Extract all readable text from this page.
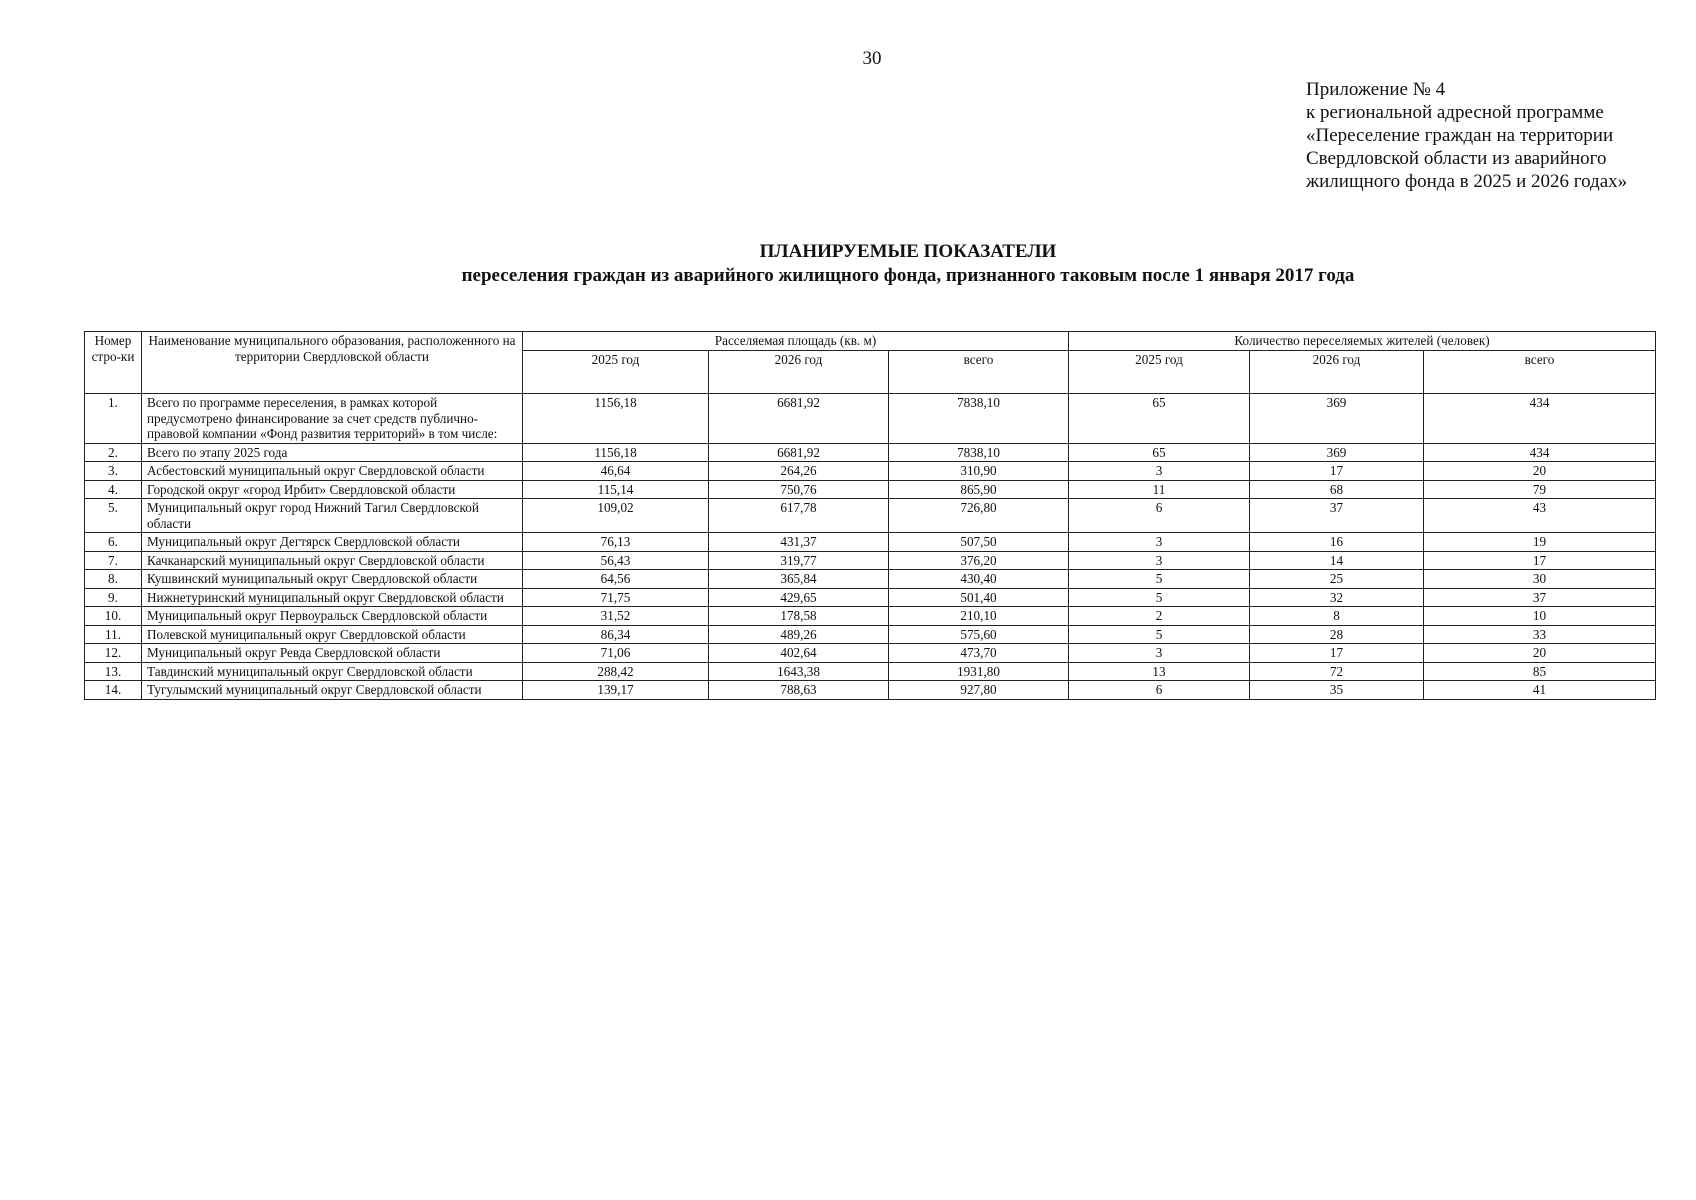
30
Приложение № 4
к региональной адресной программе
«Переселение граждан на территории
Свердловской области из аварийного
жилищного фонда в 2025 и 2026 годах»
ПЛАНИРУЕМЫЕ ПОКАЗАТЕЛИ
переселения граждан из аварийного жилищного фонда, признанного таковым после 1 января 2017 года
Номер стро-ки	Наименование муниципального образования, расположенного на территории Свердловской области	Расселяемая площадь (кв. м)			Количество переселяемых жителей (человек)		
		2025 год	2026 год	всего	2025 год	2026 год	всего
1.	Всего по программе переселения, в рамках которой предусмотрено финансирование за счет средств публично-правовой компании «Фонд развития территорий» в том числе:	1156,18	6681,92	7838,10	65	369	434
2.	Всего по этапу 2025 года	1156,18	6681,92	7838,10	65	369	434
3.	Асбестовский муниципальный округ Свердловской области	46,64	264,26	310,90	3	17	20
4.	Городской округ «город Ирбит» Свердловской области	115,14	750,76	865,90	11	68	79
5.	Муниципальный округ город Нижний Тагил Свердловской области	109,02	617,78	726,80	6	37	43
6.	Муниципальный округ Дегтярск Свердловской области	76,13	431,37	507,50	3	16	19
7.	Качканарский муниципальный округ Свердловской области	56,43	319,77	376,20	3	14	17
8.	Кушвинский муниципальный округ Свердловской области	64,56	365,84	430,40	5	25	30
9.	Нижнетуринский муниципальный округ Свердловской области	71,75	429,65	501,40	5	32	37
10.	Муниципальный округ Первоуральск Свердловской области	31,52	178,58	210,10	2	8	10
11.	Полевской муниципальный округ Свердловской области	86,34	489,26	575,60	5	28	33
12.	Муниципальный округ Ревда Свердловской области	71,06	402,64	473,70	3	17	20
13.	Тавдинский муниципальный округ Свердловской области	288,42	1643,38	1931,80	13	72	85
14.	Тугулымский муниципальный округ Свердловской области	139,17	788,63	927,80	6	35	41
